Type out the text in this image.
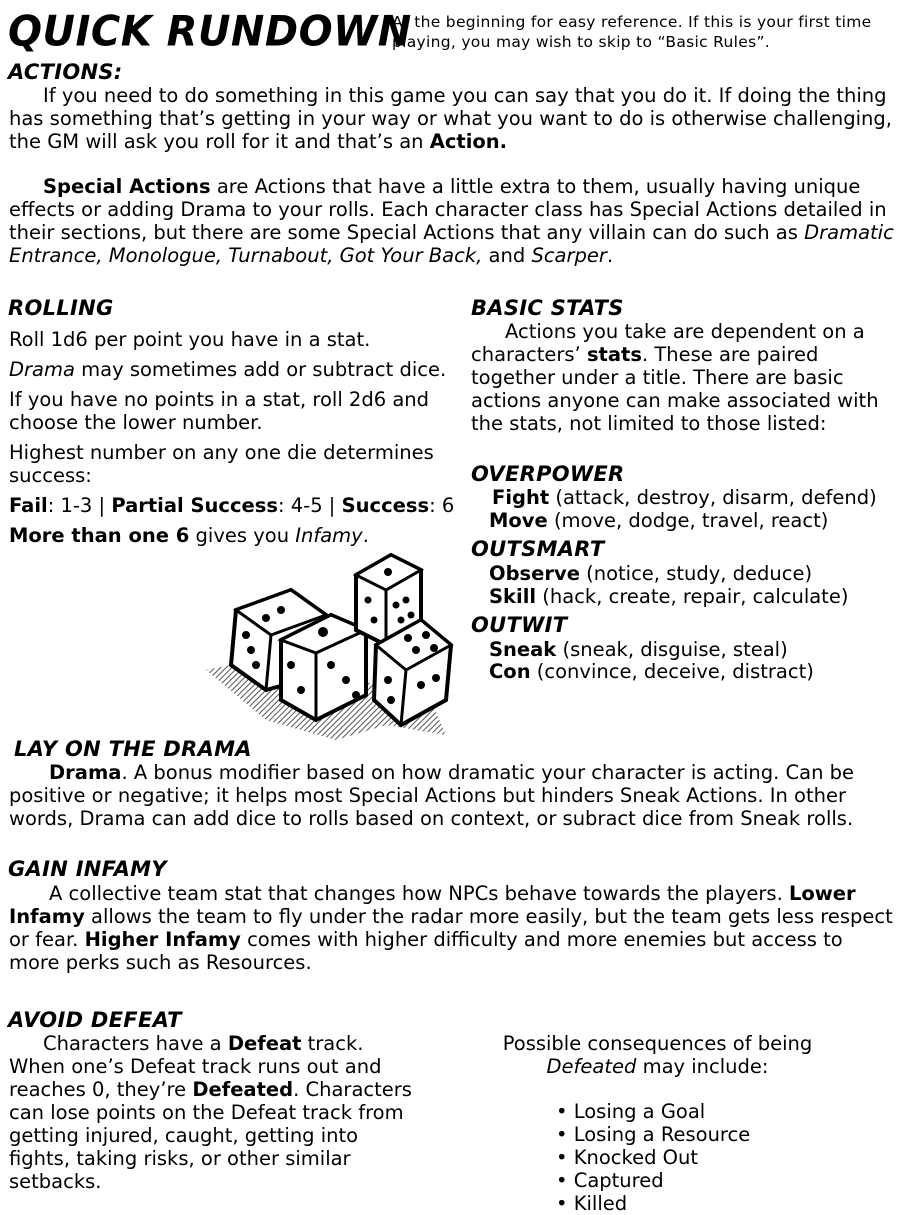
QUICK RUNDOWN
At the beginning for easy reference. If this is your first time playing, you may wish to skip to “Basic Rules”.
ACTIONS:
If you need to do something in this game you can say that you do it. If doing the thing has something that’s getting in your way or what you want to do is otherwise challenging, the GM will ask you roll for it and that’s an Action.
Special Actions are Actions that have a little extra to them, usually having unique effects or adding Drama to your rolls. Each character class has Special Actions detailed in their sections, but there are some Special Actions that any villain can do such as Dramatic Entrance, Monologue, Turnabout, Got Your Back, and Scarper.
ROLLING
Roll 1d6 per point you have in a stat.
Drama may sometimes add or subtract dice.
If you have no points in a stat, roll 2d6 and choose the lower number.
Highest number on any one die determines success:
Fail: 1-3 | Partial Success: 4-5 | Success: 6
More than one 6 gives you Infamy.
BASIC STATS
Actions you take are dependent on a characters’ stats. These are paired together under a title. There are basic actions anyone can make associated with the stats, not limited to those listed:
OVERPOWER
Fight (attack, destroy, disarm, defend)
Move (move, dodge, travel, react)
OUTSMART
Observe (notice, study, deduce)
Skill (hack, create, repair, calculate)
OUTWIT
Sneak (sneak, disguise, steal)
Con (convince, deceive, distract)
LAY ON THE DRAMA
Drama. A bonus modifier based on how dramatic your character is acting. Can be positive or negative; it helps most Special Actions but hinders Sneak Actions. In other words, Drama can add dice to rolls based on context, or subract dice from Sneak rolls.
GAIN INFAMY
A collective team stat that changes how NPCs behave towards the players. Lower Infamy allows the team to fly under the radar more easily, but the team gets less respect or fear. Higher Infamy comes with higher difficulty and more enemies but access to more perks such as Resources.
AVOID DEFEAT
Characters have a Defeat track. When one’s Defeat track runs out and reaches 0, they’re Defeated. Characters can lose points on the Defeat track from getting injured, caught, getting into fights, taking risks, or other similar setbacks.
Possible consequences of being
Defeated may include:
• Losing a Goal
• Losing a Resource
• Knocked Out
• Captured
• Killed
